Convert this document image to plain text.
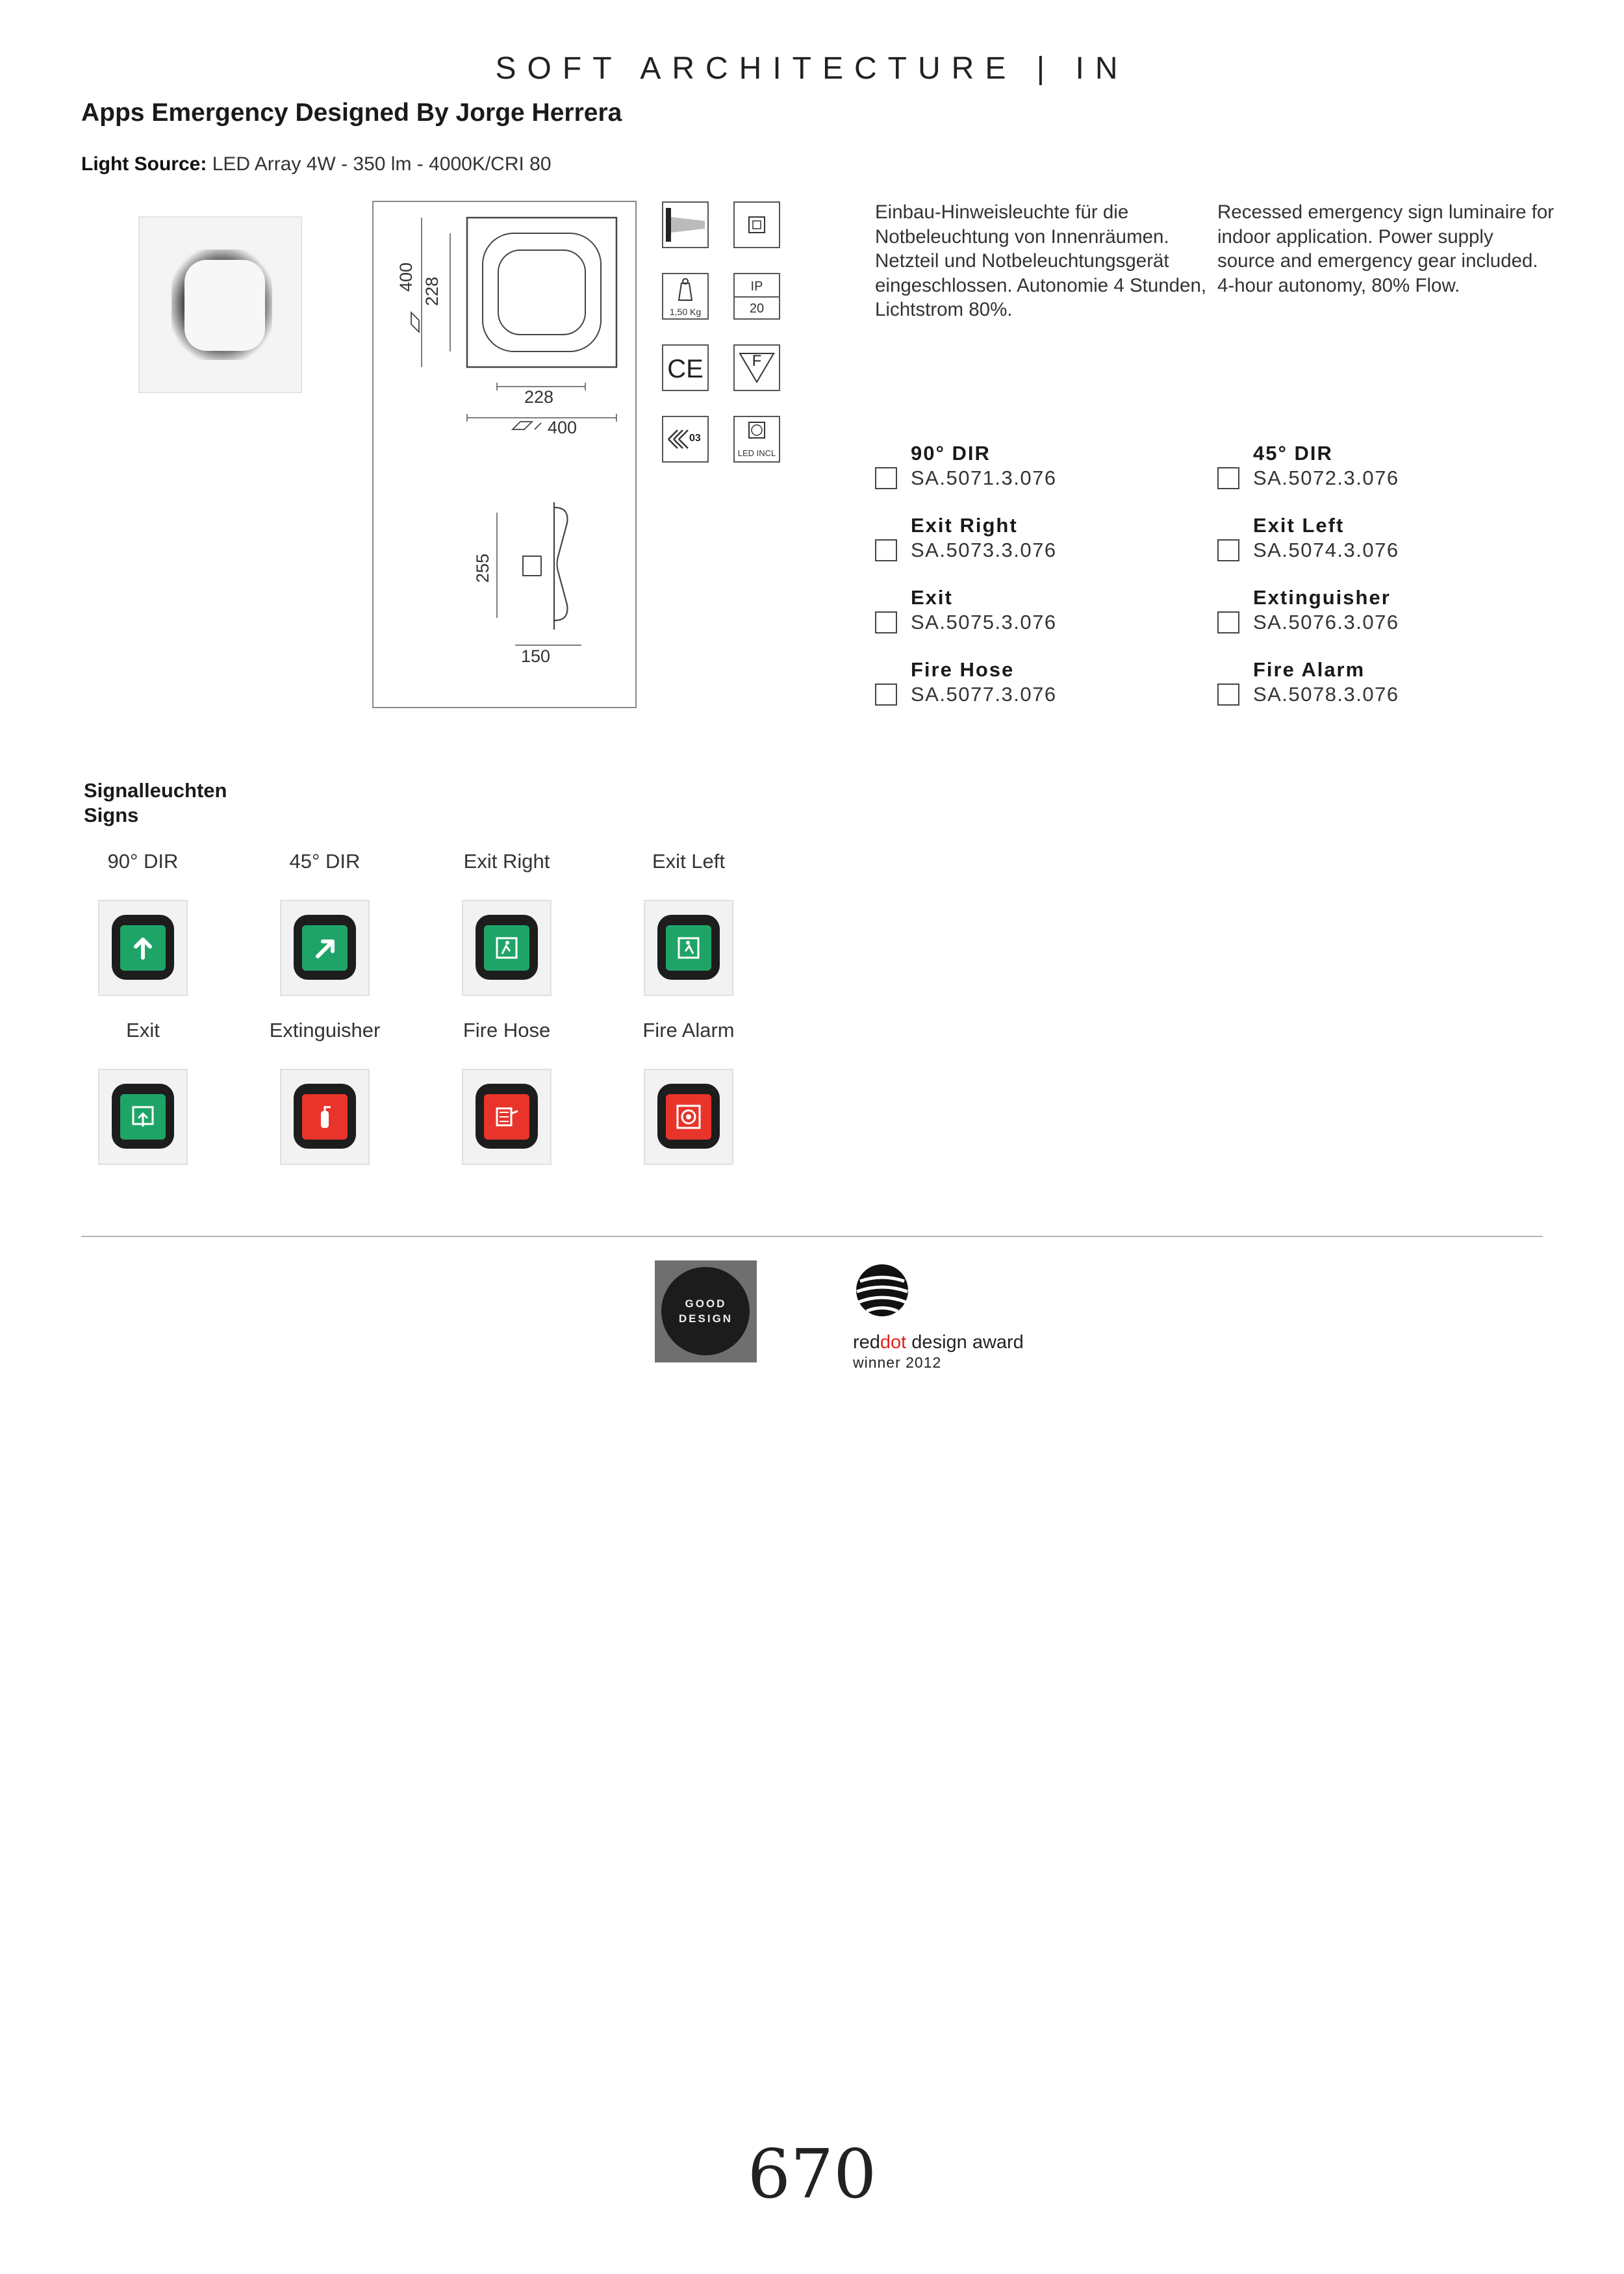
SOFT ARCHITECTURE | IN
Apps Emergency Designed By Jorge Herrera
Light Source: LED Array 4W - 350 lm - 4000K/CRI 80
228
400
400 228
255
150
1,50 Kg
IP
20
CE	F
03
LED INCL
Einbau-Hinweisleuchte für die Notbeleuchtung von Innenräumen. Netzteil und Notbeleuchtungsgerät eingeschlossen. Autonomie 4 Stunden, Lichtstrom 80%.
Recessed emergency sign luminaire for indoor application. Power supply source and emergency gear included. 4-hour autonomy, 80% Flow.
90° DIR
SA.5071.3.076
45° DIR
SA.5072.3.076
Exit Right
SA.5073.3.076
Exit Left
SA.5074.3.076
Exit
SA.5075.3.076
Extinguisher
SA.5076.3.076
Fire Hose
SA.5077.3.076
Fire Alarm
SA.5078.3.076
Signalleuchten
Signs
90° DIR	45° DIR	Exit Right	Exit Left
Exit	Extinguisher	Fire Hose	Fire Alarm
GOOD
DESIGN
reddot design award
winner 2012
670
